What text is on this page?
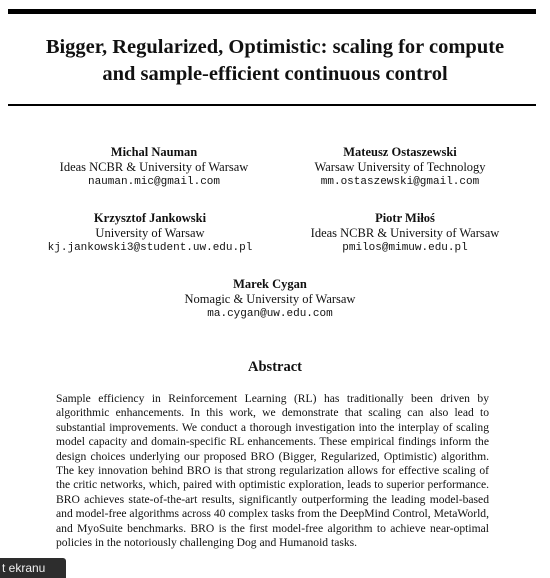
Bigger, Regularized, Optimistic: scaling for compute
and sample-efficient continuous control
Michal Nauman
Ideas NCBR & University of Warsaw
nauman.mic@gmail.com
Mateusz Ostaszewski
Warsaw University of Technology
mm.ostaszewski@gmail.com
Krzysztof Jankowski
University of Warsaw
kj.jankowski3@student.uw.edu.pl
Piotr Miłoś
Ideas NCBR & University of Warsaw
pmilos@mimuw.edu.pl
Marek Cygan
Nomagic & University of Warsaw
ma.cygan@uw.edu.com
Abstract
Sample efficiency in Reinforcement Learning (RL) has traditionally been driven by algorithmic enhancements. In this work, we demonstrate that scaling can also lead to substantial improvements. We conduct a thorough investigation into the interplay of scaling model capacity and domain-specific RL enhancements. These empirical findings inform the design choices underlying our proposed BRO (Bigger, Regularized, Optimistic) algorithm. The key innovation behind BRO is that strong regularization allows for effective scaling of the critic networks, which, paired with optimistic exploration, leads to superior performance. BRO achieves state-of-the-art results, significantly outperforming the leading model-based and model-free algorithms across 40 complex tasks from the DeepMind Control, MetaWorld, and MyoSuite benchmarks. BRO is the first model-free algorithm to achieve near-optimal policies in the notoriously challenging Dog and Humanoid tasks.
t ekranu
